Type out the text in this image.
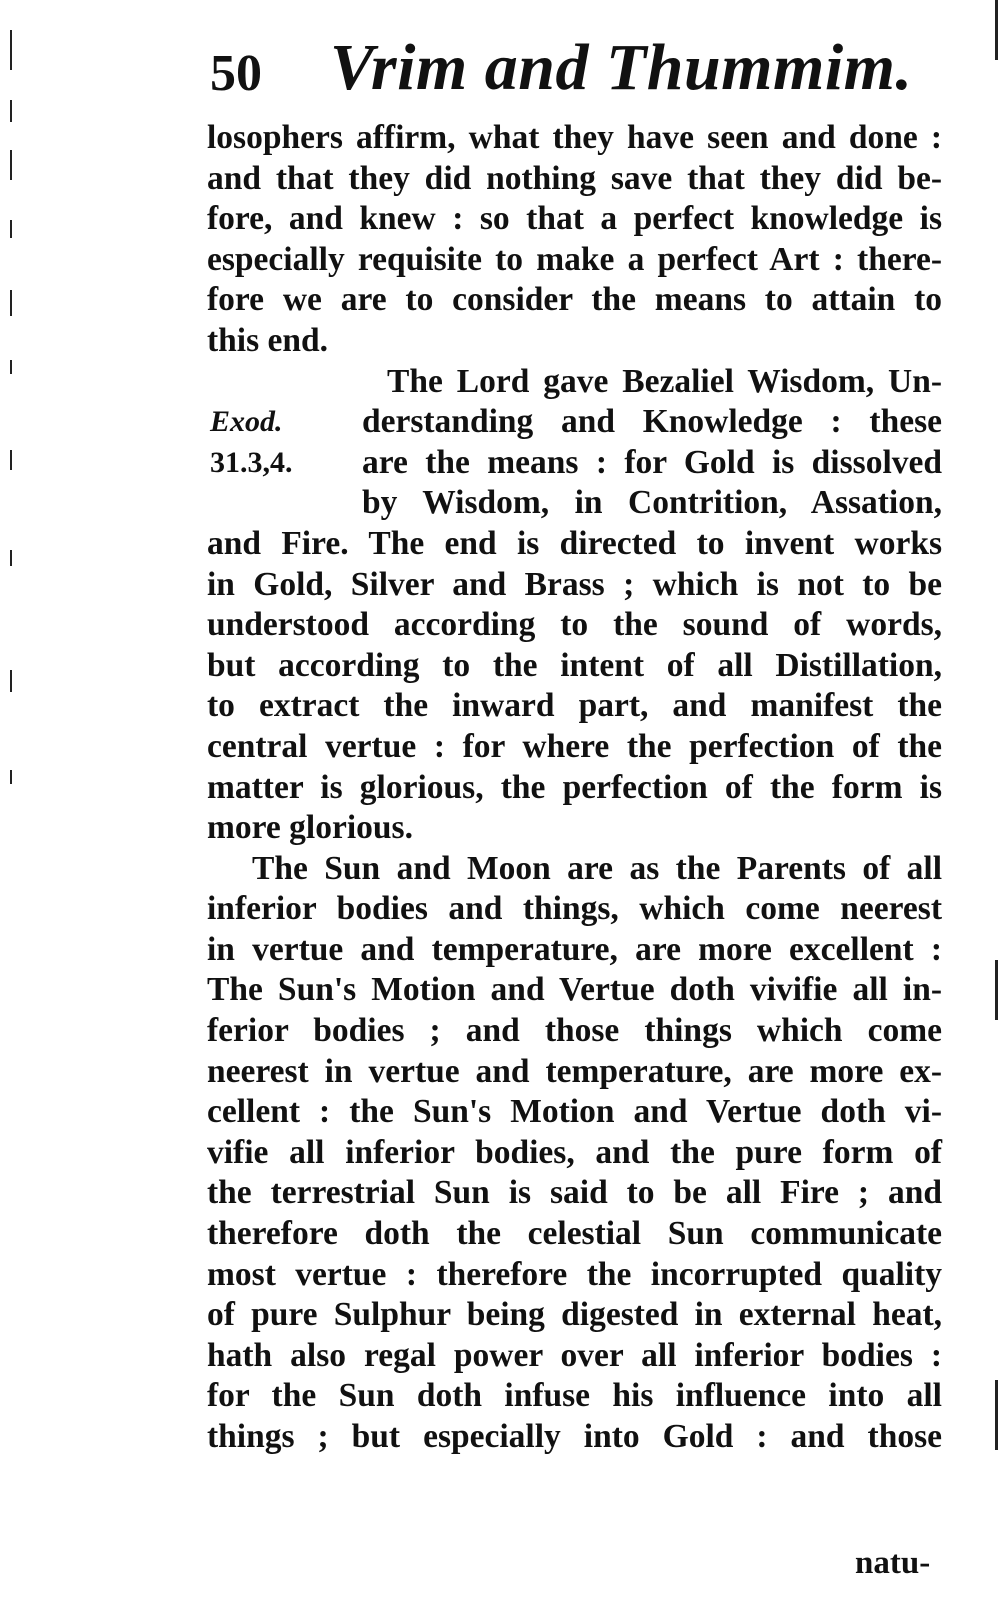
50 Vrim and Thummim.
Exod.
31.3,4.
losophers affirm, what they have seen and done :
and that they did nothing save that they did be-
fore, and knew : so that a perfect knowledge is
especially requisite to make a perfect Art : there-
fore we are to consider the means to attain to
this end.
The Lord gave Bezaliel Wisdom, Un-
derstanding and Knowledge : these
are the means : for Gold is dissolved
by Wisdom, in Contrition, Assation,
and Fire. The end is directed to invent works
in Gold, Silver and Brass ; which is not to be
understood according to the sound of words,
but according to the intent of all Distillation,
to extract the inward part, and manifest the
central vertue : for where the perfection of the
matter is glorious, the perfection of the form is
more glorious.
The Sun and Moon are as the Parents of all
inferior bodies and things, which come neerest
in vertue and temperature, are more excellent :
The Sun's Motion and Vertue doth vivifie all in-
ferior bodies ; and those things which come
neerest in vertue and temperature, are more ex-
cellent : the Sun's Motion and Vertue doth vi-
vifie all inferior bodies, and the pure form of
the terrestrial Sun is said to be all Fire ; and
therefore doth the celestial Sun communicate
most vertue : therefore the incorrupted quality
of pure Sulphur being digested in external heat,
hath also regal power over all inferior bodies :
for the Sun doth infuse his influence into all
things ; but especially into Gold : and those
natu-
